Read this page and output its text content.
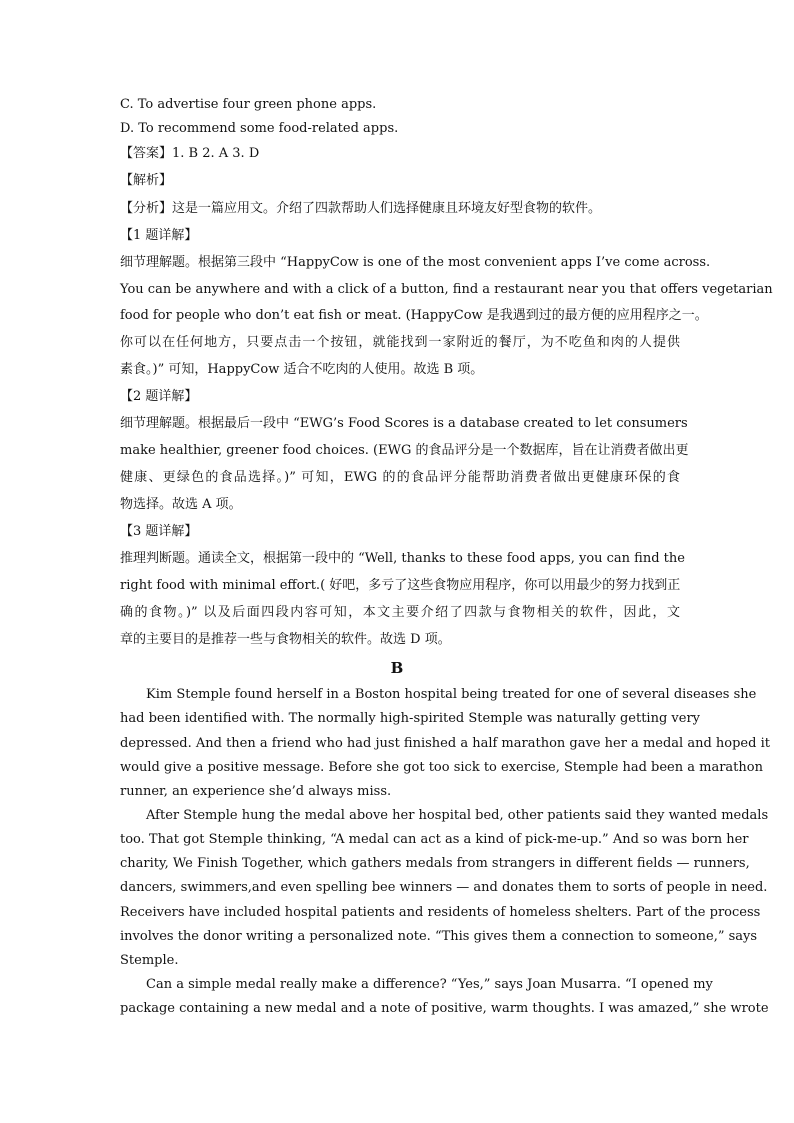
C. To advertise four green phone apps.
D. To recommend some food-related apps.
【答案】1. B 2. A 3. D
【解析】
【分析】这是一篇应用文。介绍了四款帮助人们选择健康且环境友好型食物的软件。
【1 题详解】
细节理解题。根据第三段中 “HappyCow is one of the most convenient apps I’ve come across.
You can be anywhere and with a click of a button, find a restaurant near you that offers vegetarian
food for people who don’t eat fish or meat. (HappyCow 是我遇到过的最方便的应用程序之一。
你可以在任何地方，只要点击一个按钮，就能找到一家附近的餐厅，为不吃鱼和肉的人提供
素食。)” 可知，HappyCow 适合不吃肉的人使用。故选 B 项。
【2 题详解】
细节理解题。根据最后一段中 “EWG’s Food Scores is a database created to let consumers
make healthier, greener food choices. (EWG 的食品评分是一个数据库，旨在让消费者做出更
健康、更绿色的食品选择。)” 可知，EWG 的的食品评分能帮助消费者做出更健康环保的食
物选择。故选 A 项。
【3 题详解】
推理判断题。通读全文，根据第一段中的 “Well, thanks to these food apps, you can find the
right food with minimal effort.( 好吧，多亏了这些食物应用程序，你可以用最少的努力找到正
确的食物。)” 以及后面四段内容可知，本文主要介绍了四款与食物相关的软件，因此，文
章的主要目的是推荐一些与食物相关的软件。故选 D 项。
B
Kim Stemple found herself in a Boston hospital being treated for one of several diseases she
had been identified with. The normally high-spirited Stemple was naturally getting very
depressed. And then a friend who had just finished a half marathon gave her a medal and hoped it
would give a positive message. Before she got too sick to exercise, Stemple had been a marathon
runner, an experience she’d always miss.
After Stemple hung the medal above her hospital bed, other patients said they wanted medals
too. That got Stemple thinking, “A medal can act as a kind of pick-me-up.” And so was born her
charity, We Finish Together, which gathers medals from strangers in different fields — runners,
dancers, swimmers,and even spelling bee winners — and donates them to sorts of people in need.
Receivers have included hospital patients and residents of homeless shelters. Part of the process
involves the donor writing a personalized note. “This gives them a connection to someone,” says
Stemple.
Can a simple medal really make a difference? “Yes,” says Joan Musarra. “I opened my
package containing a new medal and a note of positive, warm thoughts. I was amazed,” she wrote
